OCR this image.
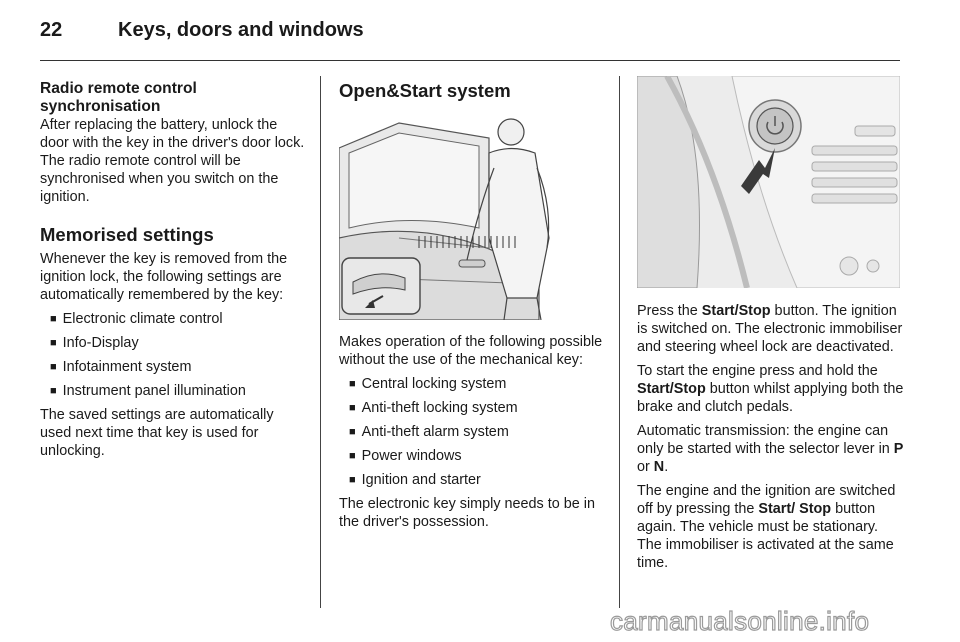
22	Keys, doors and windows
Radio remote control synchronisation

After replacing the battery, unlock the door with the key in the driver's door lock. The radio remote control will be synchronised when you switch on the ignition.

Memorised settings

Whenever the key is removed from the ignition lock, the following settings are automatically remembered by the key:

■ Electronic climate control
■ Info-Display
■ Infotainment system
■ Instrument panel illumination

The saved settings are automatically used next time that key is used for unlocking.

Open&Start system

Makes operation of the following possible without the use of the mechanical key:

■ Central locking system
■ Anti-theft locking system
■ Anti-theft alarm system
■ Power windows
■ Ignition and starter

The electronic key simply needs to be in the driver's possession.

Press the Start/Stop button. The ignition is switched on. The electronic immobiliser and steering wheel lock are deactivated.

To start the engine press and hold the Start/Stop button whilst applying both the brake and clutch pedals.

Automatic transmission: the engine can only be started with the selector lever in P or N.

The engine and the ignition are switched off by pressing the Start/ Stop button again. The vehicle must be stationary. The immobiliser is activated at the same time.

carmanualsonline.info
